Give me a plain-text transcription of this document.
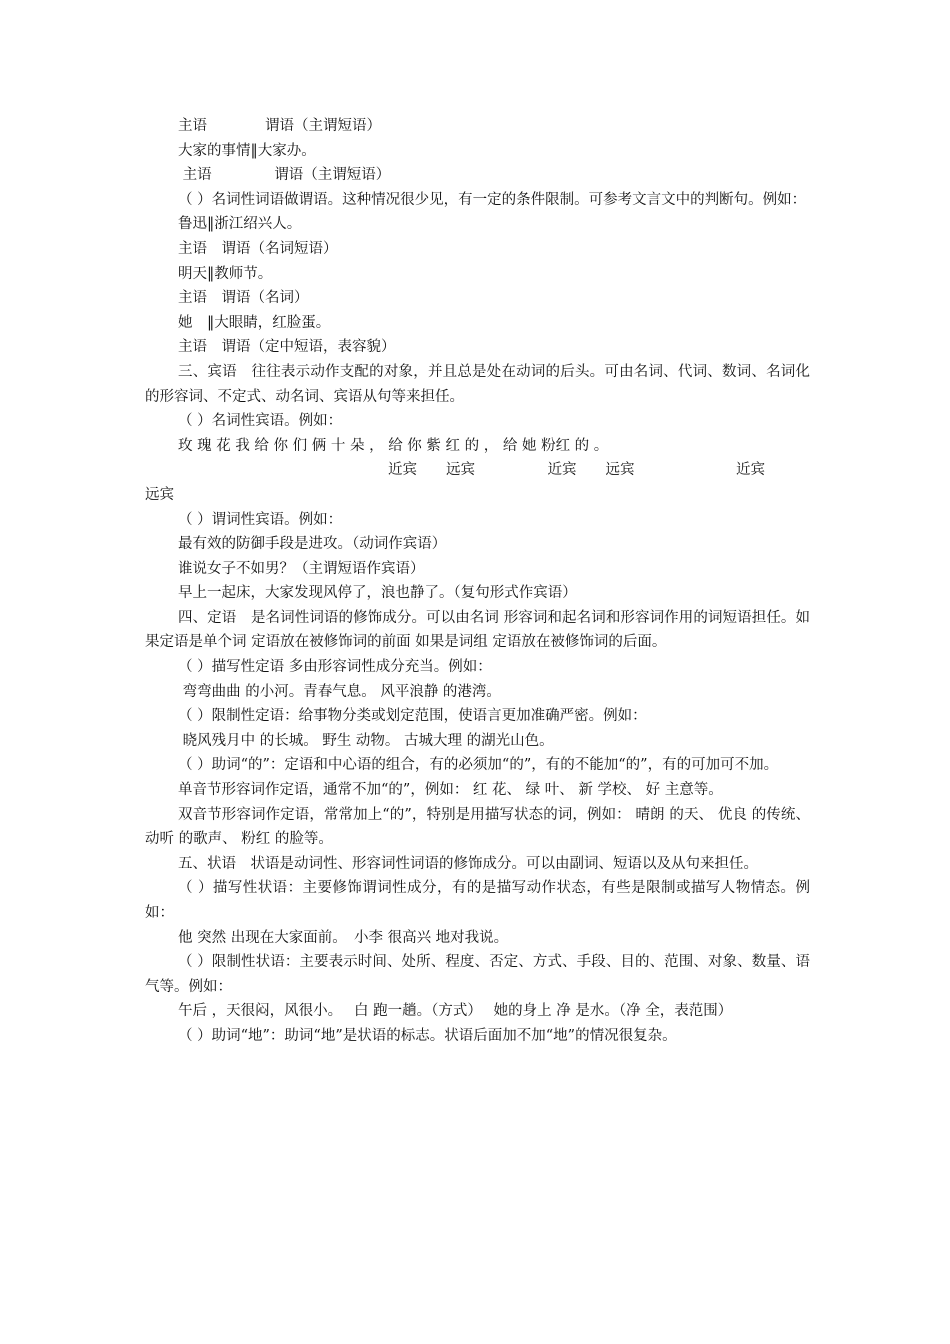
主语　　　　谓语（主谓短语）
大家的事情‖大家办。
主语　　　　 谓语（主谓短语）
（ ）名词性词语做谓语。这种情况很少见，有一定的条件限制。可参考文言文中的判断句。例如：
鲁迅‖浙江绍兴人。
主语　谓语（名词短语）
明天‖教师节。
主语　谓语（名词）
她　‖大眼睛，红脸蛋。
主语　谓语（定中短语，表容貌）
三、宾语　往往表示动作支配的对象，并且总是处在动词的后头。可由名词、代词、数词、名词化的形容词、不定式、动名词、宾语从句等来担任。
（ ）名词性宾语。例如：
玫 瑰 花 我 给 你 们 俩 十 朵 ， 给 你 紫 红 的 ， 给 她 粉红 的 。
近宾　　远宾　　　　　近宾　　远宾　　　　　　　近宾
远宾
（ ）谓词性宾语。例如：
最有效的防御手段是进攻。（动词作宾语）
谁说女子不如男？（主谓短语作宾语）
早上一起床，大家发现风停了，浪也静了。（复句形式作宾语）
四、定语　是名词性词语的修饰成分。可以由名词 形容词和起名词和形容词作用的词短语担任。如果定语是单个词 定语放在被修饰词的前面 如果是词组 定语放在被修饰词的后面。
（ ）描写性定语 多由形容词性成分充当。例如：
弯弯曲曲 的小河。青春气息。 风平浪静 的港湾。
（ ）限制性定语：给事物分类或划定范围，使语言更加准确严密。例如：
晓风残月中 的长城。 野生 动物。 古城大理 的湖光山色。
（ ）助词“的”：定语和中心语的组合，有的必须加“的”，有的不能加“的”，有的可加可不加。
单音节形容词作定语，通常不加“的”，例如： 红 花、 绿 叶、 新 学校、 好 主意等。
双音节形容词作定语，常常加上“的”，特别是用描写状态的词，例如： 晴朗 的天、 优良 的传统、 动听 的歌声、 粉红 的脸等。
五、状语　状语是动词性、形容词性词语的修饰成分。可以由副词、短语以及从句来担任。
（ ）描写性状语：主要修饰谓词性成分，有的是描写动作状态，有些是限制或描写人物情态。例如：
他 突然 出现在大家面前。　小李 很高兴 地对我说。
（ ）限制性状语：主要表示时间、处所、程度、否定、方式、手段、目的、范围、对象、数量、语气等。例如：
午后 ，天很闷，风很小。　 白 跑一趟。（方式）　 她的身上 净 是水。（净 全，表范围）
（ ）助词“地”：助词“地”是状语的标志。状语后面加不加“地”的情况很复杂。
